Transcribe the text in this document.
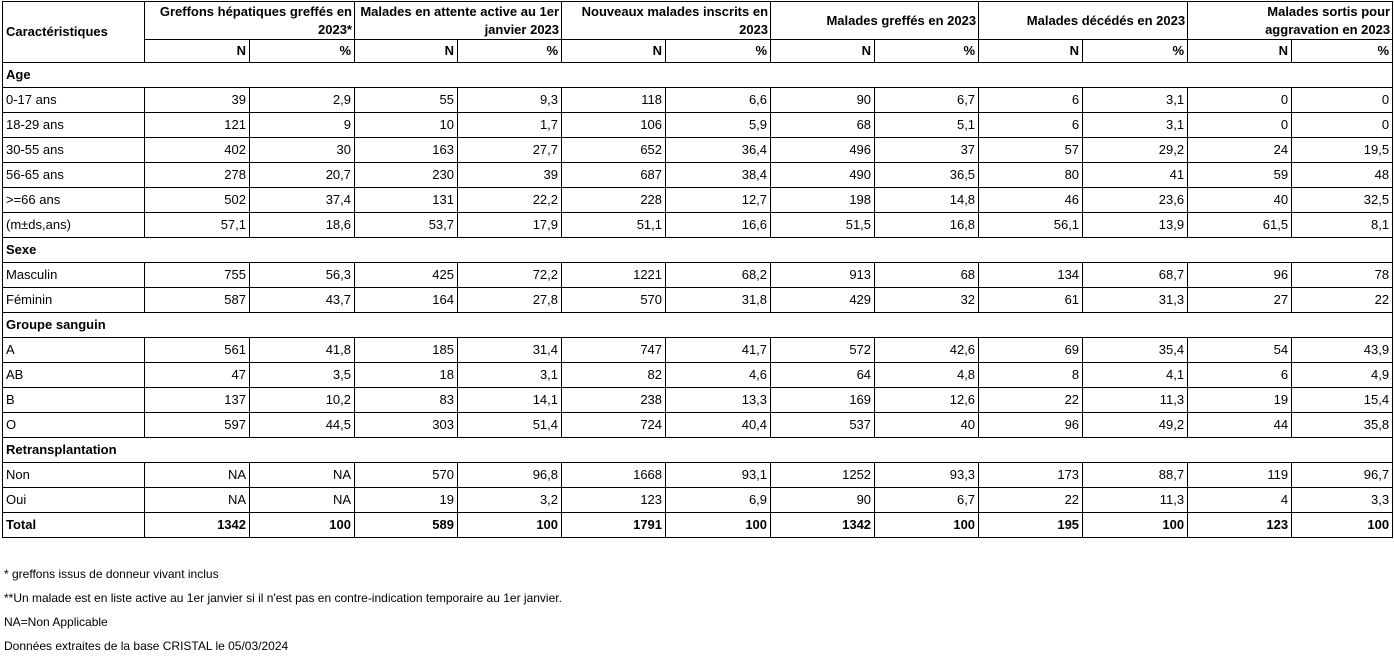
Caractéristiques	Greffons hépatiques greffés en 2023*		Malades en attente active au 1er janvier 2023		Nouveaux malades inscrits en 2023		Malades greffés en 2023		Malades décédés en 2023		Malades sortis pour aggravation en 2023	
	N	%	N	%	N	%	N	%	N	%	N	%
Age												
0-17 ans	39	2,9	55	9,3	118	6,6	90	6,7	6	3,1	0	0
18-29 ans	121	9	10	1,7	106	5,9	68	5,1	6	3,1	0	0
30-55 ans	402	30	163	27,7	652	36,4	496	37	57	29,2	24	19,5
56-65 ans	278	20,7	230	39	687	38,4	490	36,5	80	41	59	48
>=66 ans	502	37,4	131	22,2	228	12,7	198	14,8	46	23,6	40	32,5
(m±ds,ans)	57,1	18,6	53,7	17,9	51,1	16,6	51,5	16,8	56,1	13,9	61,5	8,1
Sexe												
Masculin	755	56,3	425	72,2	1221	68,2	913	68	134	68,7	96	78
Féminin	587	43,7	164	27,8	570	31,8	429	32	61	31,3	27	22
Groupe sanguin												
A	561	41,8	185	31,4	747	41,7	572	42,6	69	35,4	54	43,9
AB	47	3,5	18	3,1	82	4,6	64	4,8	8	4,1	6	4,9
B	137	10,2	83	14,1	238	13,3	169	12,6	22	11,3	19	15,4
O	597	44,5	303	51,4	724	40,4	537	40	96	49,2	44	35,8
Retransplantation												
Non	NA	NA	570	96,8	1668	93,1	1252	93,3	173	88,7	119	96,7
Oui	NA	NA	19	3,2	123	6,9	90	6,7	22	11,3	4	3,3
Total	1342	100	589	100	1791	100	1342	100	195	100	123	100
* greffons issus de donneur vivant inclus
**Un malade est en liste active au 1er janvier si il n'est pas en contre-indication temporaire au 1er janvier.
NA=Non Applicable
Données extraites de la base CRISTAL le 05/03/2024
